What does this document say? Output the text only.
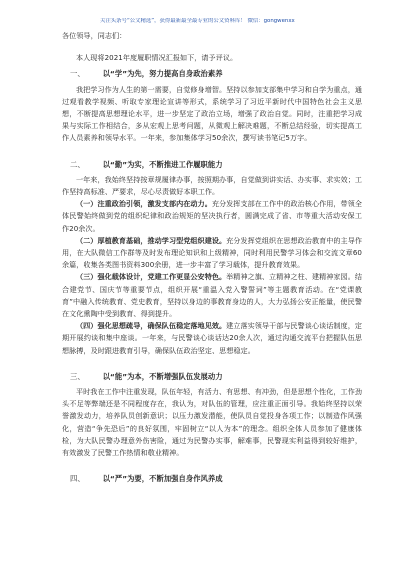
关注头条号“公文精选”，获得最新最全最专业的公文资料库！ 微信：gongwenxx

各位领导，同志们：

本人现将2021年度履职情况汇报如下，请予评议。

一、 以“学”为先，努力提高自身政治素养

我把学习作为人生的第一需要，自觉修身增智。坚持以参加支部集中学习和自学为重点，通过观看教学视频、听取专家理论宣讲等形式，系统学习了习近平新时代中国特色社会主义思想，不断提高思想理论水平，进一步坚定了政治立场，增强了政治自觉。同时，注重把学习成果与实际工作相结合，多从宏观上思考问题，从微观上解决难题，不断总结经验，切实提高工作人员素养和领导水平。一年来，参加集体学习50余次，撰写读书笔记5万字。

二、 以“勤”为实，不断推进工作履职能力

一年来，我始终坚持按章规履律办事，按照期办事，自觉做到讲实话、办实事、求实效；工作坚持高标准、严要求，尽心尽责做好本职工作。

（一）注重政治引领，激发支部内在动力。充分发挥支部在工作中的政治核心作用，带领全体民警始终做到党的组织纪律和政治规矩的坚决执行者，圆满完成了省、市等重大活动安保工作20余次。

（二）厚植教育基础，推动学习型党组织建设。充分发挥党组织在思想政治教育中的主导作用，在大队微信工作群等及时发布理论知识和上级精神，同时利用民警学习体会和交流文章60余篇，收集各类图书资料300余册，进一步丰富了学习载体，提升教育效果。

（三）强化载体设计，党建工作更显公安特色。举精神之旗、立精神之柱、建精神家园。结合建党节、国庆节等重要节点，组织开展“重温入党入警誓词”等主题教育活动。在“党课教育”中融入传统教育、党史教育，坚持以身边的事教育身边的人，大力弘扬公安正能量，使民警在文化熏陶中受到教育、得到提升。

（四）强化思想疏导，确保队伍稳定落地见效。建立落实领导干部与民警谈心谈话制度，定期开展约谈和集中座谈。一年来，与民警谈心谈话达20余人次，通过沟通交流平台把握队伍思想脉搏，及时跟进教育引导，确保队伍政治坚定、思想稳定。

三、 以“能”为本，不断增强队伍发展动力

平时我在工作中注重发现，队伍年轻，有活力、有思想、有冲劲，但是思想个性化，工作劲头不足等弊端还是不同程度存在，我认为，对队伍的管理，应注重正面引导。我始终坚持以荣誉激发动力，培养队员创新意识；以压力激发潜能，使队员自觉投身各项工作；以制造作风强化，营造“争先恐后”的良好氛围，牢固树立“以人为本”的理念。组织全体人员参加了健康体检，为大队民警办理意外伤害险，通过为民警办实事，解难事，民警现实利益得到较好维护，有效激发了民警工作热情和敬业精神。

四、 以“严”为要，不断加强自身作风养成
